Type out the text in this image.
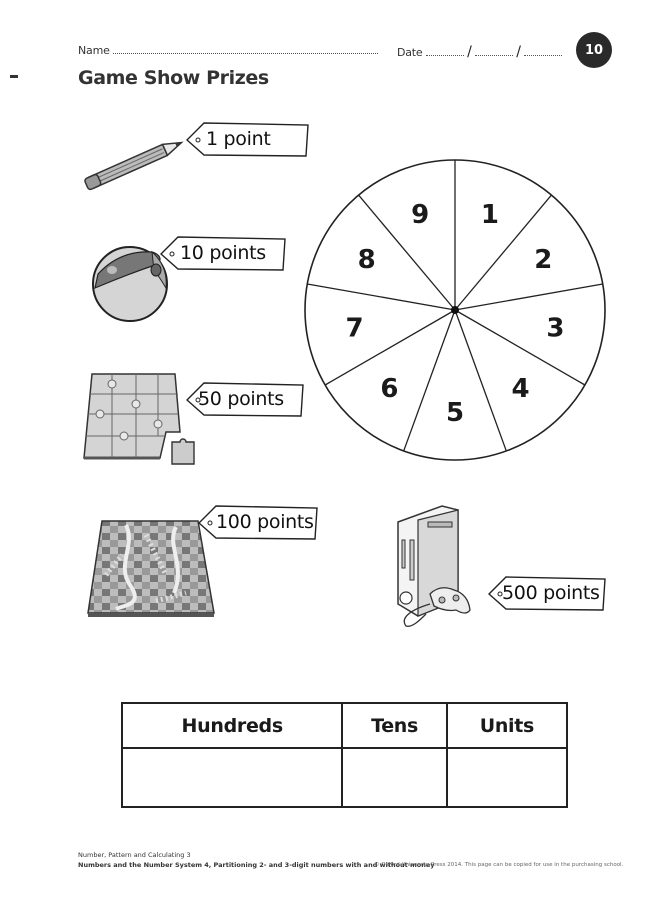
Name	Date	/	/	10
Game Show Prizes
1 point
10 points
50 points
100 points
500 points
1
2
3
4
5
6
7
8
9
Hundreds	Tens	Units

Number, Pattern and Calculating 3
Numbers and the Number System 4, Partitioning 2- and 3-digit numbers with and without money
© Oxford University Press 2014. This page can be copied for use in the purchasing school.
